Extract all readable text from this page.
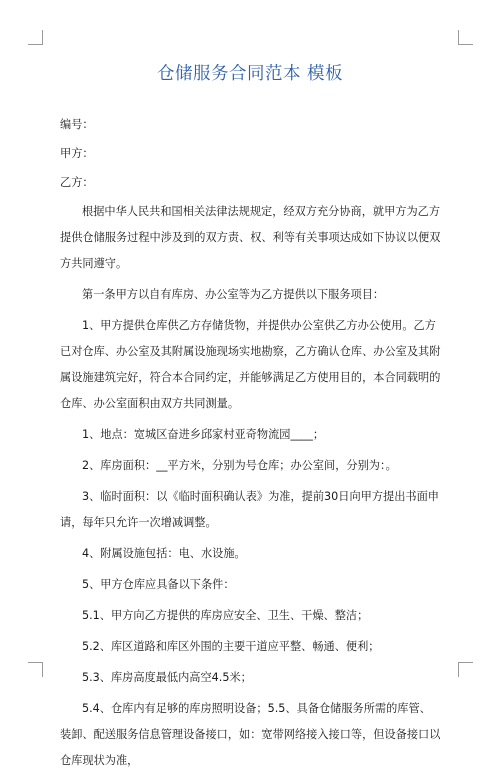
仓储服务合同范本 模板

编号：

甲方：

乙方：

根据中华人民共和国相关法律法规规定，经双方充分协商，就甲方为乙方提供仓储服务过程中涉及到的双方责、权、利等有关事项达成如下协议以便双方共同遵守。

第一条甲方以自有库房、办公室等为乙方提供以下服务项目：

1、甲方提供仓库供乙方存储货物，并提供办公室供乙方办公使用。乙方已对仓库、办公室及其附属设施现场实地勘察，乙方确认仓库、办公室及其附属设施建筑完好，符合本合同约定，并能够满足乙方使用目的，本合同载明的仓库、办公室面积由双方共同测量。

1、地点：宽城区奋进乡邱家村亚奇物流园____；

2、库房面积：__平方米，分别为号仓库；办公室间，分别为：。

3、临时面积：以《临时面积确认表》为准，提前30日向甲方提出书面申请，每年只允许一次增减调整。

4、附属设施包括：电、水设施。

5、甲方仓库应具备以下条件：

5.1、甲方向乙方提供的库房应安全、卫生、干燥、整洁；

5.2、库区道路和库区外围的主要干道应平整、畅通、便利；

5.3、库房高度最低内高空4.5米；

5.4、仓库内有足够的库房照明设备；5.5、具备仓储服务所需的库管、装卸、配送服务信息管理设备接口，如：宽带网络接入接口等，但设备接口以仓库现状为准，
